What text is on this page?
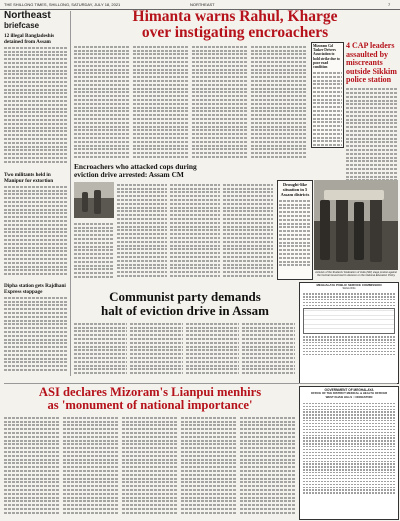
THE SHILLONG TIMES, SHILLONG, SATURDAY, JULY 18, 2021	NORTHEAST	7
Northeast
briefcase
12 illegal Bangladeshis detained from Assam
Two militants held in Manipur for extortion
Dipha station gets Rajdhani Express stoppage
Himanta warns Rahul, Kharge
over instigating encroachers
Mizoram Gd Tasker Drivers Association to hold strike due to poor road condition
4 CAP leaders assaulted by miscreants outside Sikkim police station
Encroachers who attacked cops during
eviction drive arrested: Assam CM
Drought-like situation in 5 Assam districts
Activists of the Students' Federation of India (SFI) stage protest against the Central Government's decision on the National Education Policy
Communist party demands
halt of eviction drive in Assam
MEGHALAYA PUBLIC SERVICE COMMISSION
SHILLONG
ASI declares Mizoram's Lianpui menhirs
as 'monument of national importance'
GOVERNMENT OF MEGHALAYA
OFFICE OF THE DISTRICT MEDICAL & HEALTH OFFICER
WEST KHASI HILLS :: NONGSTOIN
